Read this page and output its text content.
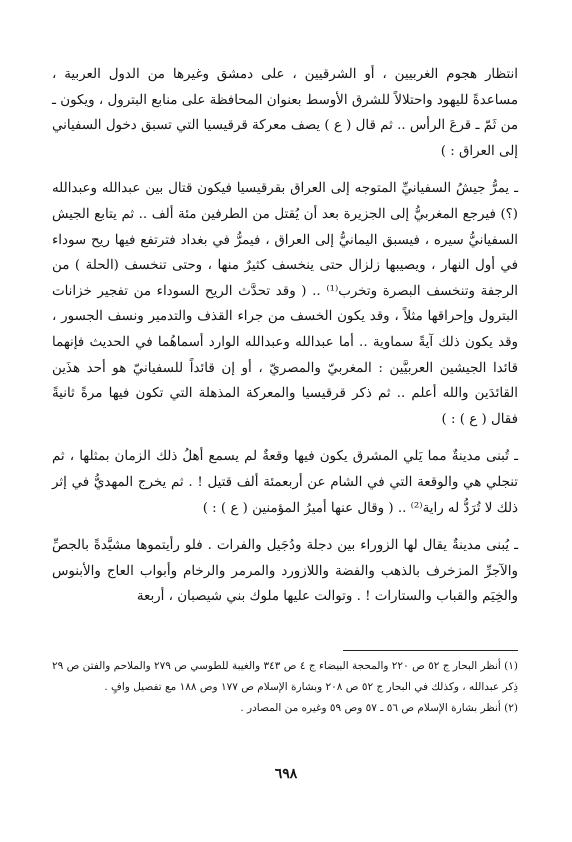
انتظار هجوم الغربيين ، أو الشرقيين ، على دمشق وغيرها من الدول العربية ، مساعدةً لليهود واحتلالاً للشرق الأوسط بعنوان المحافظة على منابع البترول ، ويكون ـ من ثَمّ ـ قرعَ الرأس .. ثم قال ( ع ) يصف معركة قرقيسيا التي تسبق دخول السفياني إلى العراق : )

ـ يمرُّ جيشُ السفيانيِّ المتوجه إلى العراق بقرقيسيا فيكون قتال بين عبدالله وعبدالله (؟) فيرجع المغربيُّ إلى الجزيرة بعد أن يُقتل من الطرفين مئة ألف .. ثم يتابع الجيش السفيانيُّ سيره ، فيسبق اليمانيُّ إلى العراق ، فيمرُّ في بغداد فترتفع فيها ريح سوداء في أول النهار ، ويصيبها زلزال حتى ينخسف كثيرٌ منها ، وحتى تنخسف (الحلة ) من الرجفة وتنخسف البصرة وتخرب⁽¹⁾ .. ( وقد تحدَّث الريح السوداء من تفجير خزانات البترول وإحراقها مثلاً ، وقد يكون الخسف من جراء القذف والتدمير ونسف الجسور ، وقد يكون ذلك آيةً سماوية .. أما عبدالله وعبدالله الوارد أسماهُما في الحديث فإنهما قائدا الجيشين العربيَّين : المغربيّ والمصريّ ، أو إن قائداً للسفيانيّ هو أحد هذَين القائدَين والله أعلم .. ثم ذكر قرقيسيا والمعركة المذهلة التي تكون فيها مرةً ثانيةً فقال ( ع ) : )

ـ تُبنى مدينةٌ مما يَلي المشرق يكون فيها وقعةٌ لم يسمع أهلُ ذلك الزمان بمثلها ، ثم تنجلي هي والوقعة التي في الشام عن أربعمئة ألف قتيل ! . ثم يخرج المهديُّ في إثر ذلك لا تُرَدُّ له راية⁽²⁾ .. ( وقال عنها أميرُ المؤمنين ( ع ) : )

ـ يُبنى مدينةٌ يقال لها الزوراء بين دجلة ودُجَيل والفرات . فلو رأيتموها مشيَّدةً بالجصِّ والآجرِّ المزخرف بالذهب والفضة واللازورد والمرمر والرخام وأبواب العاج والأبنوس والخِيَم والقباب والستارات ! . وتوالت عليها ملوك بني شيصبان ، أربعة

(١) أنظر البحار ج ٥٢ ص ٢٢٠ والمحجة البيضاء ج ٤ ص ٣٤٣ والغيبة للطوسي ص ٢٧٩ والملاحم والفتن ص ٢٩ ذِكر عبدالله ، وكذلك في البحار ج ٥٢ ص ٢٠٨ وبشارة الإسلام ص ١٧٧ وص ١٨٨ مع تفصيل وافٍ .

(٢) أنظر بشارة الإسلام ص ٥٦ ـ ٥٧ وص ٥٩ وغيره من المصادر .

٦٩٨
